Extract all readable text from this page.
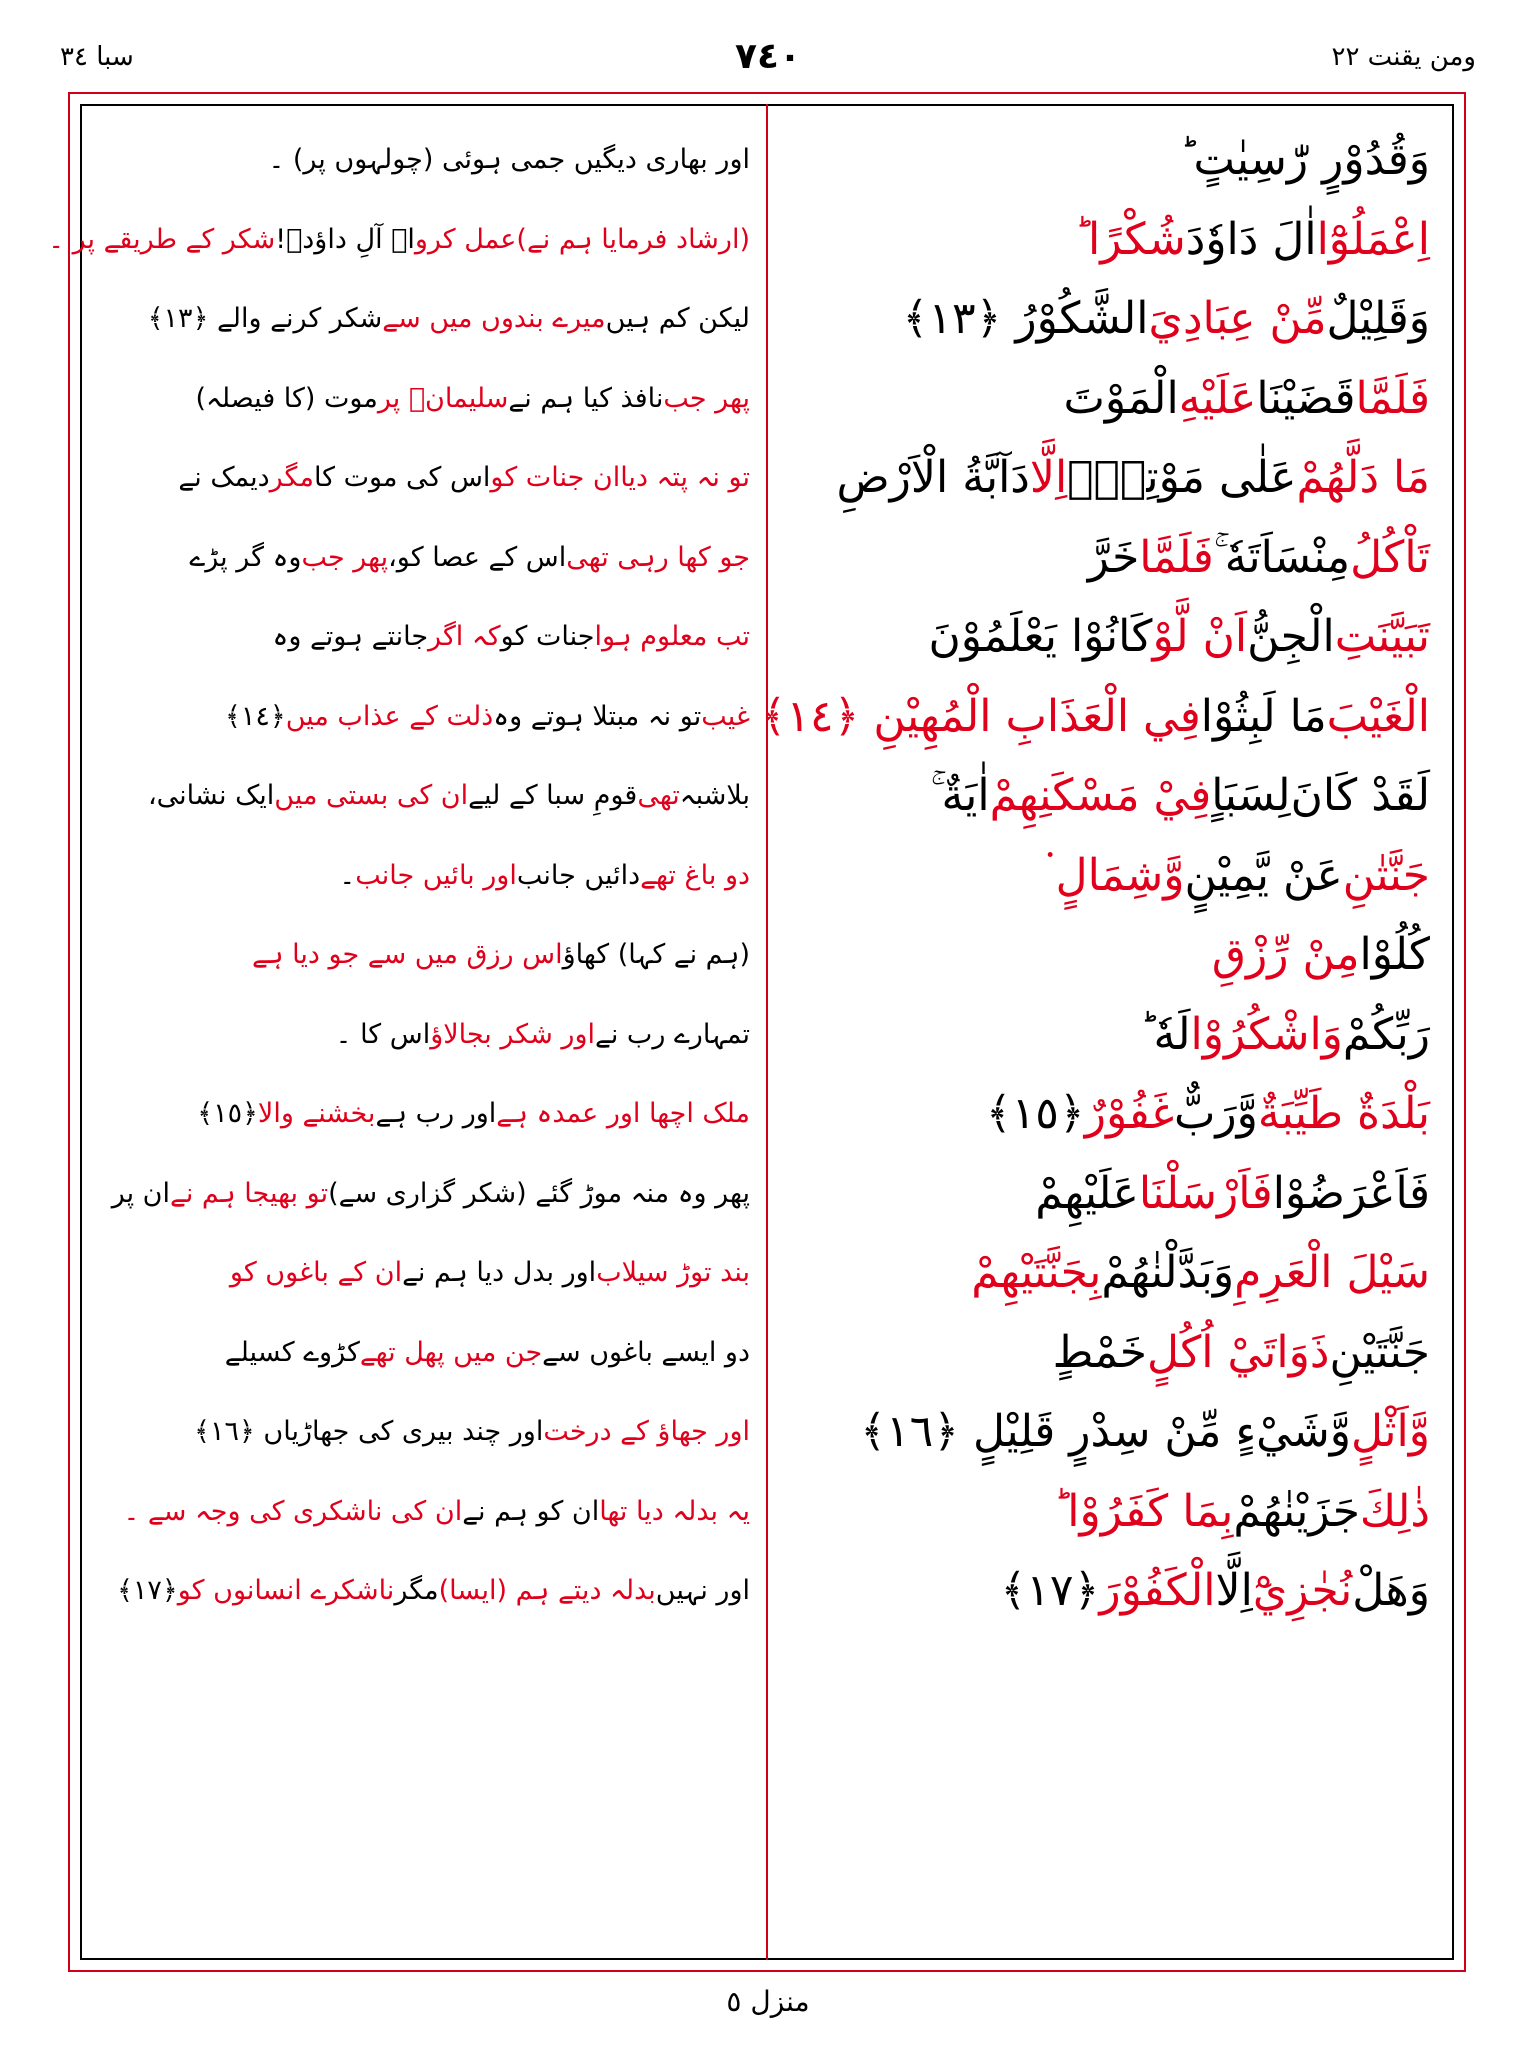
سبا ٣٤	٧٤٠	ومن يقنت ٢٢
وَقُدُوْرٍ رّٰسِيٰتٍ ؕ
اِعْمَلُوْٓا
اٰلَ دَاوٗدَ
شُكْرًا ؕ
وَقَلِيْلٌ
مِّنْ عِبَادِيَ
الشَّكُوْرُ ﴿١٣﴾
فَلَمَّا
قَضَيْنَا
عَلَيْهِ
الْمَوْتَ
مَا دَلَّهُمْ
عَلٰى مَوْتِهٖٓ
اِلَّا
دَآبَّةُ الْاَرْضِ
تَاْكُلُ
مِنْسَاَتَهٗ ۚ
فَلَمَّا
خَرَّ
تَبَيَّنَتِ
الْجِنُّ
اَنْ لَّوْ
كَانُوْا يَعْلَمُوْنَ
الْغَيْبَ
مَا لَبِثُوْا
فِي الْعَذَابِ الْمُهِيْنِ ﴿١٤﴾
لَقَدْ كَانَ
لِسَبَاٍ
فِيْ مَسْكَنِهِمْ
اٰيَةٌ ۚ
جَنَّتٰنِ
عَنْ يَّمِيْنٍ
وَّشِمَالٍ ۬
كُلُوْا
مِنْ رِّزْقِ
رَبِّكُمْ
وَاشْكُرُوْا
لَهٗ ؕ
بَلْدَةٌ طَيِّبَةٌ
وَّرَبٌّ
غَفُوْرٌ
﴿١٥﴾
فَاَعْرَضُوْا
فَاَرْسَلْنَا
عَلَيْهِمْ
سَيْلَ الْعَرِمِ
وَبَدَّلْنٰهُمْ
بِجَنَّتَيْهِمْ
جَنَّتَيْنِ
ذَوَاتَيْ اُكُلٍ
خَمْطٍ
وَّاَثْلٍ
وَّشَيْءٍ مِّنْ سِدْرٍ قَلِيْلٍ ﴿١٦﴾
ذٰلِكَ
جَزَيْنٰهُمْ
بِمَا كَفَرُوْا ؕ
وَهَلْ
نُجٰزِيْٓ
اِلَّا
الْكَفُوْرَ
﴿١٧﴾
اور بھاری دیگیں جمی ہوئی (چولہوں پر) ۔
(ارشاد فرمایا ہم نے)
عمل کرو
اے آلِ داؤدؑ!
شکر کے طریقے پر ۔
لیکن کم ہیں
میرے بندوں میں سے
شکر کرنے والے ﴿١٣﴾
پھر جب
نافذ کیا ہم نے
سلیمانؑ پر
موت (کا فیصلہ)
تو نہ پتہ دیا
ان جنات کو
اس کی موت کا
مگر
دیمک نے
جو کھا رہی تھی
اس کے عصا کو،
پھر جب
وہ گر پڑے
تب معلوم ہوا
جنات کو
کہ اگر
جانتے ہوتے وہ
غیب
تو نہ مبتلا ہوتے وہ
ذلت کے عذاب میں
﴿١٤﴾
بلاشبہ
تھی
قومِ سبا کے لیے
ان کی بستی میں
ایک نشانی،
دو باغ تھے
دائیں جانب
اور بائیں جانب
۔
(ہم نے کہا) کھاؤ
اس رزق میں سے جو دیا ہے
تمہارے رب نے
اور شکر بجالاؤ
اس کا ۔
ملک اچھا اور عمدہ ہے
اور رب ہے
بخشنے والا
﴿١٥﴾
پھر وہ منہ موڑ گئے (شکر گزاری سے)
تو بھیجا ہم نے
ان پر
بند توڑ سیلاب
اور بدل دیا ہم نے
ان کے باغوں کو
دو ایسے باغوں سے
جن میں پھل تھے
کڑوے کسیلے
اور جھاؤ کے درخت
اور چند بیری کی جھاڑیاں ﴿١٦﴾
یہ بدلہ دیا تھا
ان کو ہم نے
ان کی ناشکری کی وجہ سے ۔
اور نہیں
بدلہ دیتے ہم (ایسا)
مگر
ناشکرے انسانوں کو
﴿١٧﴾
منزل ٥
